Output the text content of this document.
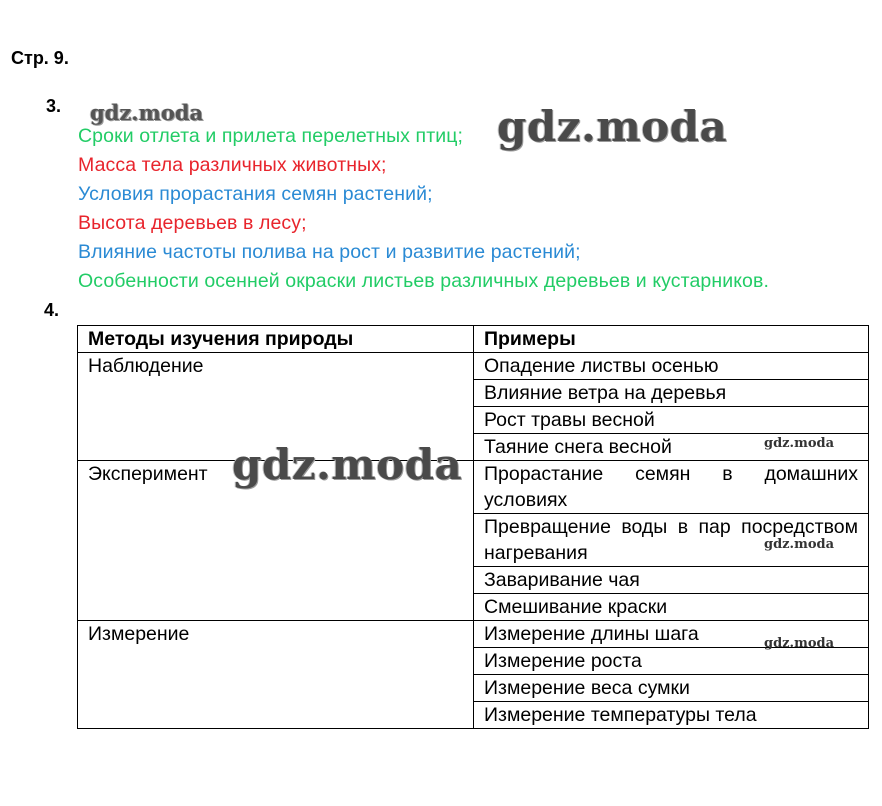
Стр. 9.
3.
Сроки отлета и прилета перелетных птиц;
Масса тела различных животных;
Условия прорастания семян растений;
Высота деревьев в лесу;
Влияние частоты полива на рост и развитие растений;
Особенности осенней окраски листьев различных деревьев и кустарников.
4.
Методы изучения природы	Примеры
Наблюдение	Опадение листвы осенью
	Влияние ветра на деревья
	Рост травы весной
	Таяние снега весной
Эксперимент	Прорастание семян в домашних условиях
	Превращение воды в пар посредством нагревания
	Заваривание чая
	Смешивание краски
Измерение	Измерение длины шага
	Измерение роста
	Измерение веса сумки
	Измерение температуры тела
gdz.moda	gdz.moda
gdz.moda	gdz.moda
gdz.moda
gdz.moda
